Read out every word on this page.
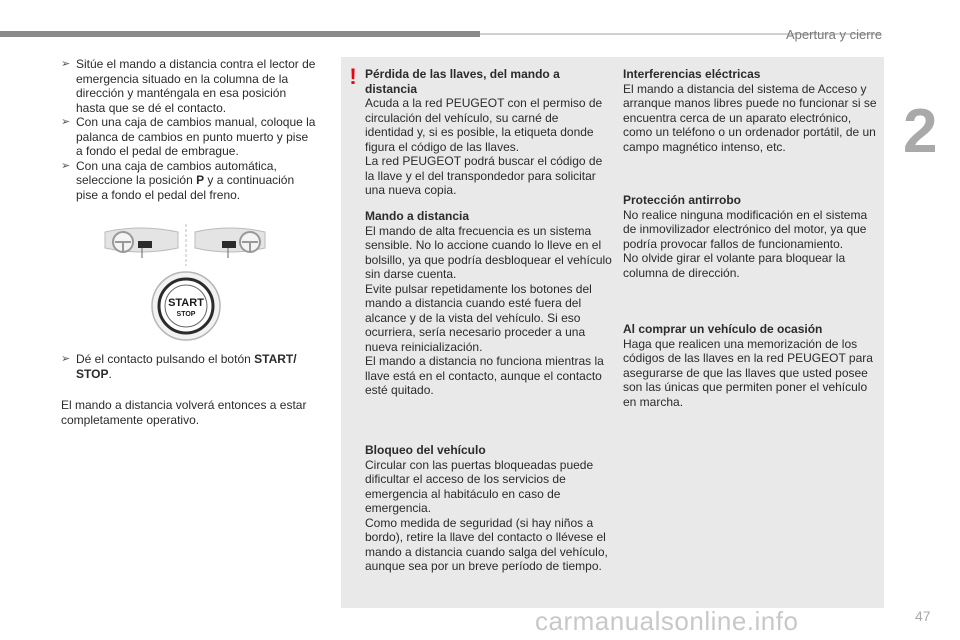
Apertura y cierre
2
➢ Sitúe el mando a distancia contra el lector de emergencia situado en la columna de la dirección y manténgala en esa posición hasta que se dé el contacto.
➢ Con una caja de cambios manual, coloque la palanca de cambios en punto muerto y pise a fondo el pedal de embrague.
➢ Con una caja de cambios automática, seleccione la posición P y a continuación pise a fondo el pedal del freno.
START
STOP
➢ Dé el contacto pulsando el botón START/ STOP.
El mando a distancia volverá entonces a estar completamente operativo.
! Pérdida de las llaves, del mando a distancia
Acuda a la red PEUGEOT con el permiso de circulación del vehículo, su carné de identidad y, si es posible, la etiqueta donde figura el código de las llaves.
La red PEUGEOT podrá buscar el código de la llave y el del transpondedor para solicitar una nueva copia.
Mando a distancia
El mando de alta frecuencia es un sistema sensible. No lo accione cuando lo lleve en el bolsillo, ya que podría desbloquear el vehículo sin darse cuenta.
Evite pulsar repetidamente los botones del mando a distancia cuando esté fuera del alcance y de la vista del vehículo. Si eso ocurriera, sería necesario proceder a una nueva reinicialización.
El mando a distancia no funciona mientras la llave está en el contacto, aunque el contacto esté quitado.
Bloqueo del vehículo
Circular con las puertas bloqueadas puede dificultar el acceso de los servicios de emergencia al habitáculo en caso de emergencia.
Como medida de seguridad (si hay niños a bordo), retire la llave del contacto o llévese el mando a distancia cuando salga del vehículo, aunque sea por un breve período de tiempo.
Interferencias eléctricas
El mando a distancia del sistema de Acceso y arranque manos libres puede no funcionar si se encuentra cerca de un aparato electrónico, como un teléfono o un ordenador portátil, de un campo magnético intenso, etc.
Protección antirrobo
No realice ninguna modificación en el sistema de inmovilizador electrónico del motor, ya que podría provocar fallos de funcionamiento.
No olvide girar el volante para bloquear la columna de dirección.
Al comprar un vehículo de ocasión
Haga que realicen una memorización de los códigos de las llaves en la red PEUGEOT para asegurarse de que las llaves que usted posee son las únicas que permiten poner el vehículo en marcha.
carmanualsonline.info	47
